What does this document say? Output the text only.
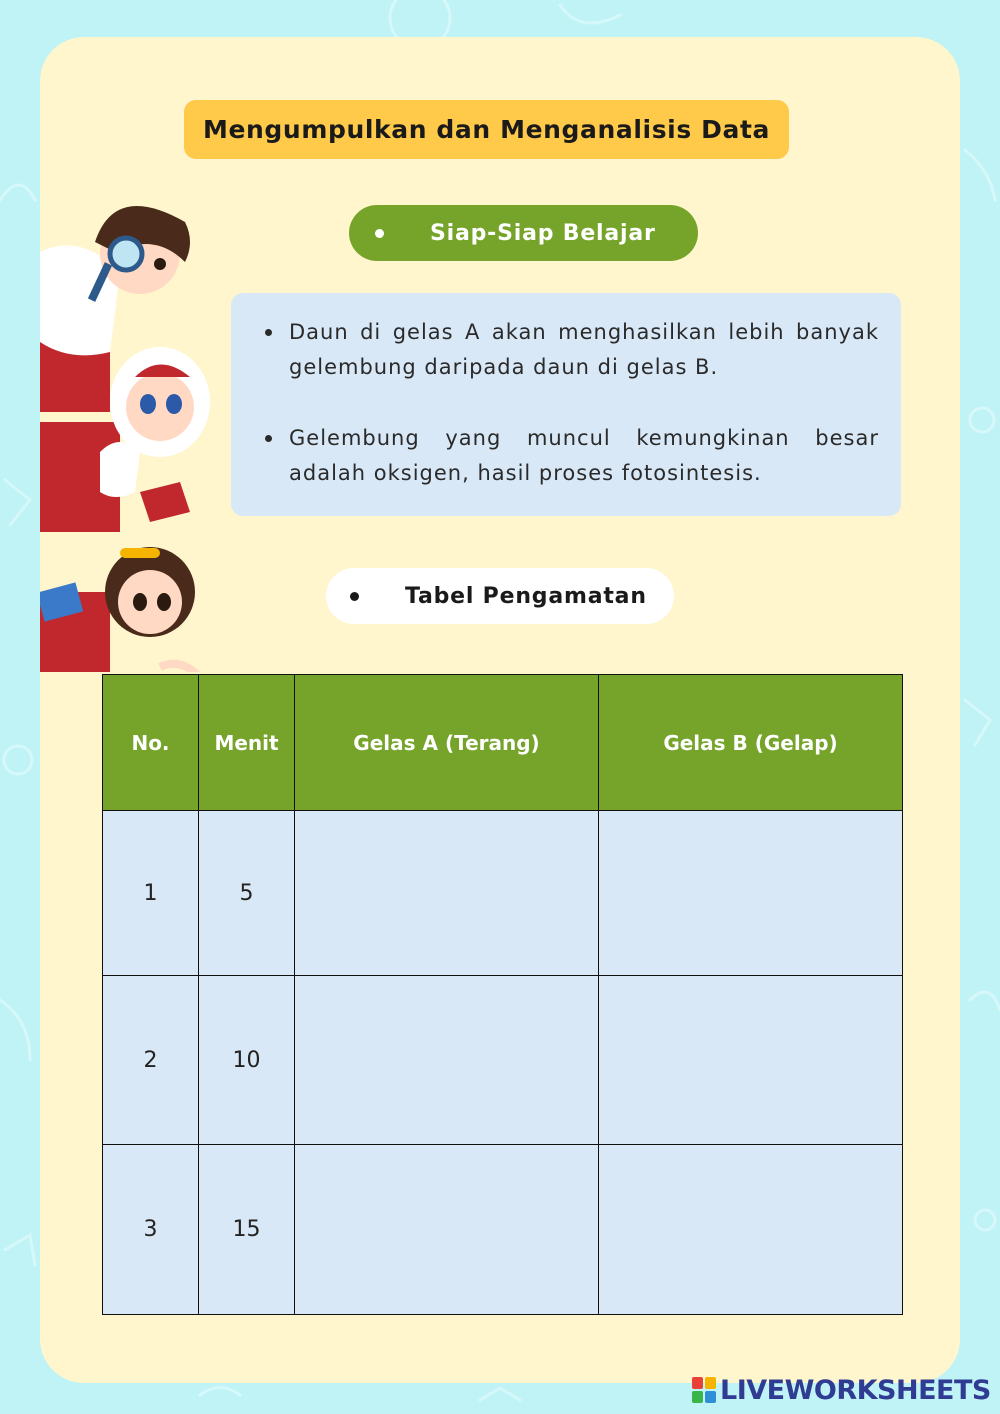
Mengumpulkan dan Menganalisis Data
Siap-Siap Belajar
Daun di gelas A akan menghasilkan lebih banyak gelembung daripada daun di gelas B.
Gelembung yang muncul kemungkinan besar adalah oksigen, hasil proses fotosintesis.
Tabel Pengamatan
No.	Menit	Gelas A (Terang)	Gelas B (Gelap)
1	5		
2	10		
3	15		
LIVEWORKSHEETS
